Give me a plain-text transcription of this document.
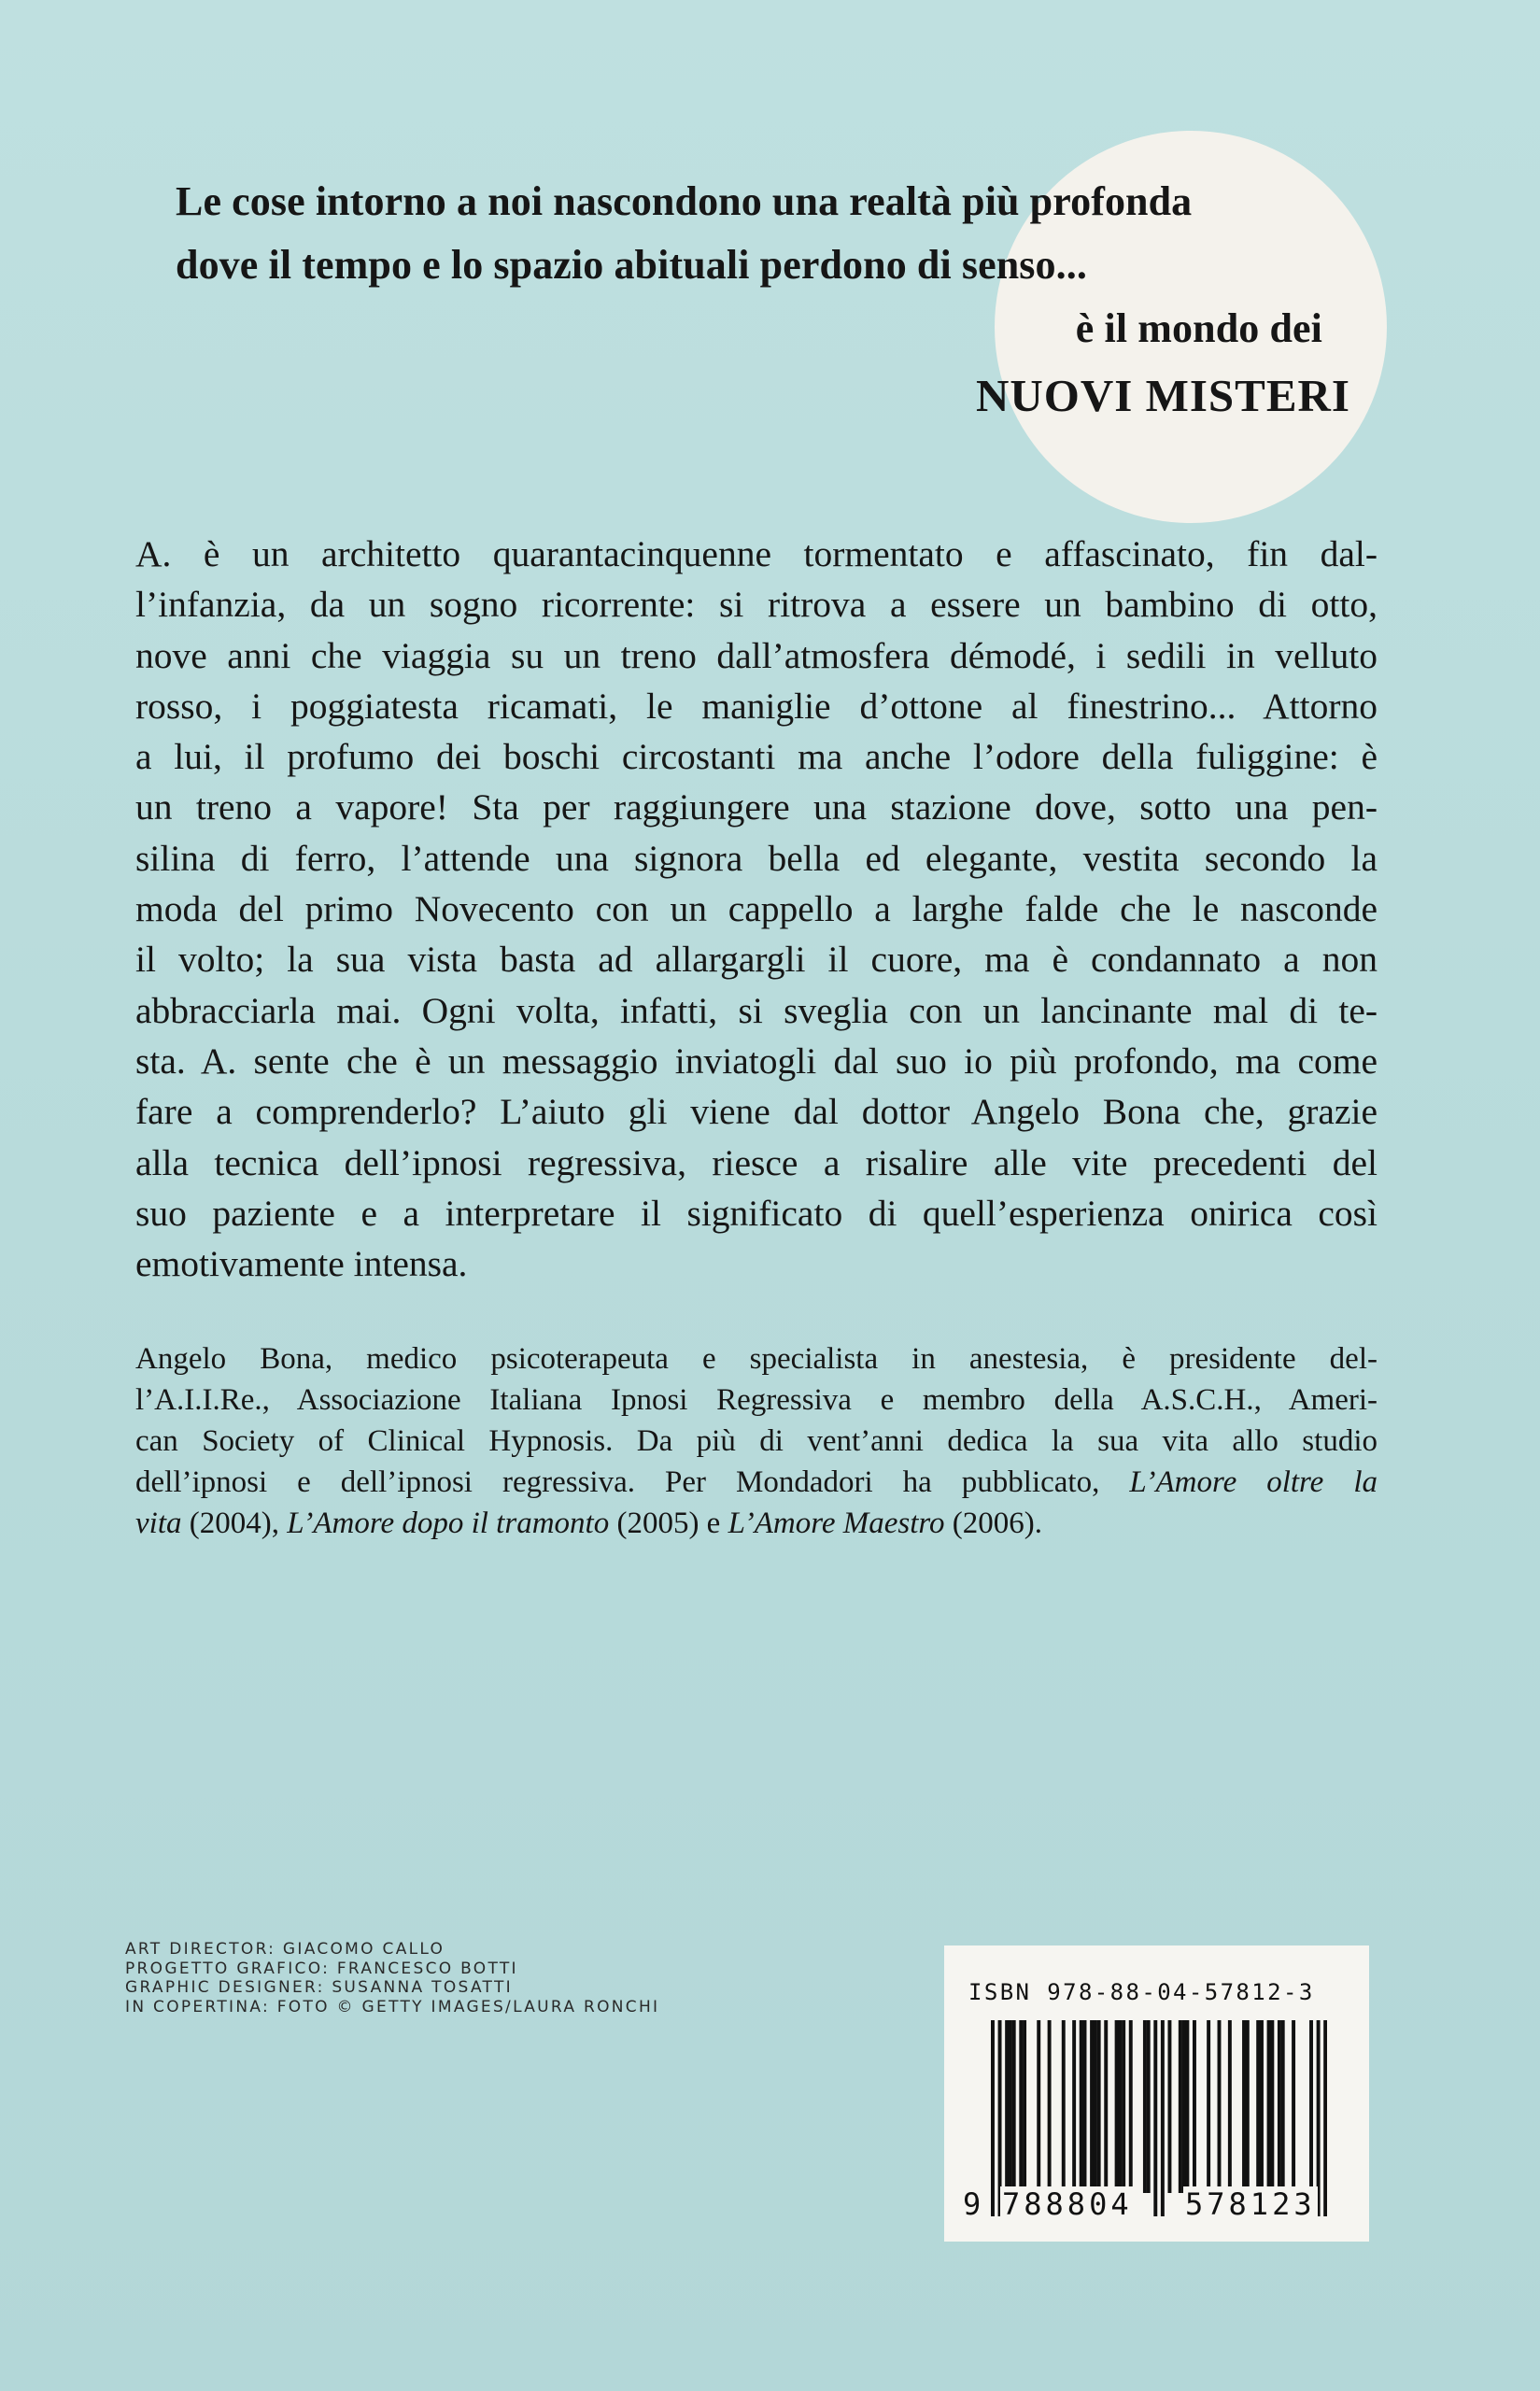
Le cose intorno a noi nascondono una realtà più profonda
dove il tempo e lo spazio abituali perdono di senso...
è il mondo dei
NUOVI MISTERI
A. è un architetto quarantacinquenne tormentato e affascinato, fin dal-
l’infanzia, da un sogno ricorrente: si ritrova a essere un bambino di otto,
nove anni che viaggia su un treno dall’atmosfera démodé, i sedili in velluto
rosso, i poggiatesta ricamati, le maniglie d’ottone al finestrino... Attorno
a lui, il profumo dei boschi circostanti ma anche l’odore della fuliggine: è
un treno a vapore! Sta per raggiungere una stazione dove, sotto una pen-
silina di ferro, l’attende una signora bella ed elegante, vestita secondo la
moda del primo Novecento con un cappello a larghe falde che le nasconde
il volto; la sua vista basta ad allargargli il cuore, ma è condannato a non
abbracciarla mai. Ogni volta, infatti, si sveglia con un lancinante mal di te-
sta. A. sente che è un messaggio inviatogli dal suo io più profondo, ma come
fare a comprenderlo? L’aiuto gli viene dal dottor Angelo Bona che, grazie
alla tecnica dell’ipnosi regressiva, riesce a risalire alle vite precedenti del
suo paziente e a interpretare il significato di quell’esperienza onirica così
emotivamente intensa.
Angelo Bona, medico psicoterapeuta e specialista in anestesia, è presidente del-
l’A.I.I.Re., Associazione Italiana Ipnosi Regressiva e membro della A.S.C.H., Ameri-
can Society of Clinical Hypnosis. Da più di vent’anni dedica la sua vita allo studio
dell’ipnosi e dell’ipnosi regressiva. Per Mondadori ha pubblicato, L’Amore oltre la
vita (2004), L’Amore dopo il tramonto (2005) e L’Amore Maestro (2006).
ART DIRECTOR: GIACOMO CALLO
PROGETTO GRAFICO: FRANCESCO BOTTI
GRAPHIC DESIGNER: SUSANNA TOSATTI
IN COPERTINA: FOTO © GETTY IMAGES/LAURA RONCHI
ISBN 978-88-04-57812-3
9 788804 578123
